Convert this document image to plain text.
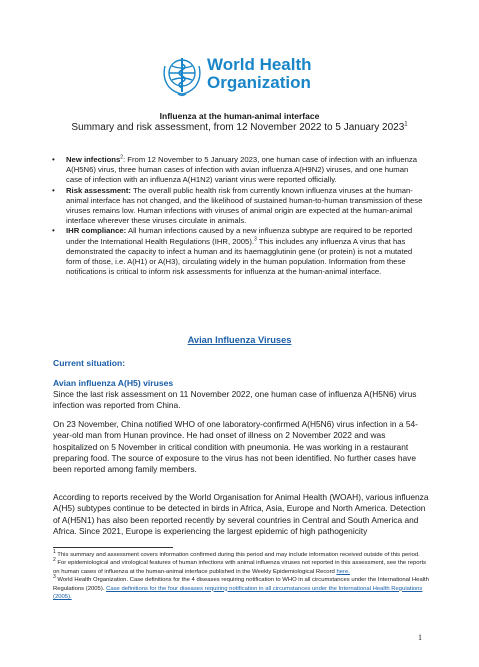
World Health
Organization
Influenza at the human-animal interface
Summary and risk assessment, from 12 November 2022 to 5 January 2023$^1$
• New infections$^2$: From 12 November to 5 January 2023, one human case of infection with an influenza A(H5N6) virus, three human cases of infection with avian influenza A(H9N2) viruses, and one human case of infection with an influenza A(H1N2) variant virus were reported officially.
• Risk assessment: The overall public health risk from currently known influenza viruses at the human-animal interface has not changed, and the likelihood of sustained human-to-human transmission of these viruses remains low. Human infections with viruses of animal origin are expected at the human-animal interface wherever these viruses circulate in animals.
• IHR compliance: All human infections caused by a new influenza subtype are required to be reported under the International Health Regulations (IHR, 2005).$^3$ This includes any influenza A virus that has demonstrated the capacity to infect a human and its haemagglutinin gene (or protein) is not a mutated form of those, i.e. A(H1) or A(H3), circulating widely in the human population. Information from these notifications is critical to inform risk assessments for influenza at the human-animal interface.
Avian Influenza Viruses
Current situation:
Avian influenza A(H5) viruses

Since the last risk assessment on 11 November 2022, one human case of influenza A(H5N6) virus infection was reported from China.

On 23 November, China notified WHO of one laboratory-confirmed A(H5N6) virus infection in a 54-year-old man from Hunan province. He had onset of illness on 2 November 2022 and was hospitalized on 5 November in critical condition with pneumonia. He was working in a restaurant preparing food. The source of exposure to the virus has not been identified. No further cases have been reported among family members.

According to reports received by the World Organisation for Animal Health (WOAH), various influenza A(H5) subtypes continue to be detected in birds in Africa, Asia, Europe and North America. Detection of A(H5N1) has also been reported recently by several countries in Central and South America and Africa. Since 2021, Europe is experiencing the largest epidemic of high pathogenicity

$^1$ This summary and assessment covers information confirmed during this period and may include information received outside of this period.

$^2$ For epidemiological and virological features of human infections with animal influenza viruses not reported in this assessment, see the reports on human cases of influenza at the human-animal interface published in the Weekly Epidemiological Record here.

$^3$ World Health Organization. Case definitions for the 4 diseases requiring notification to WHO in all circumstances under the International Health Regulations (2005). Case definitions for the four diseases requiring notification in all circumstances under the International Health Regulations (2005).

1
